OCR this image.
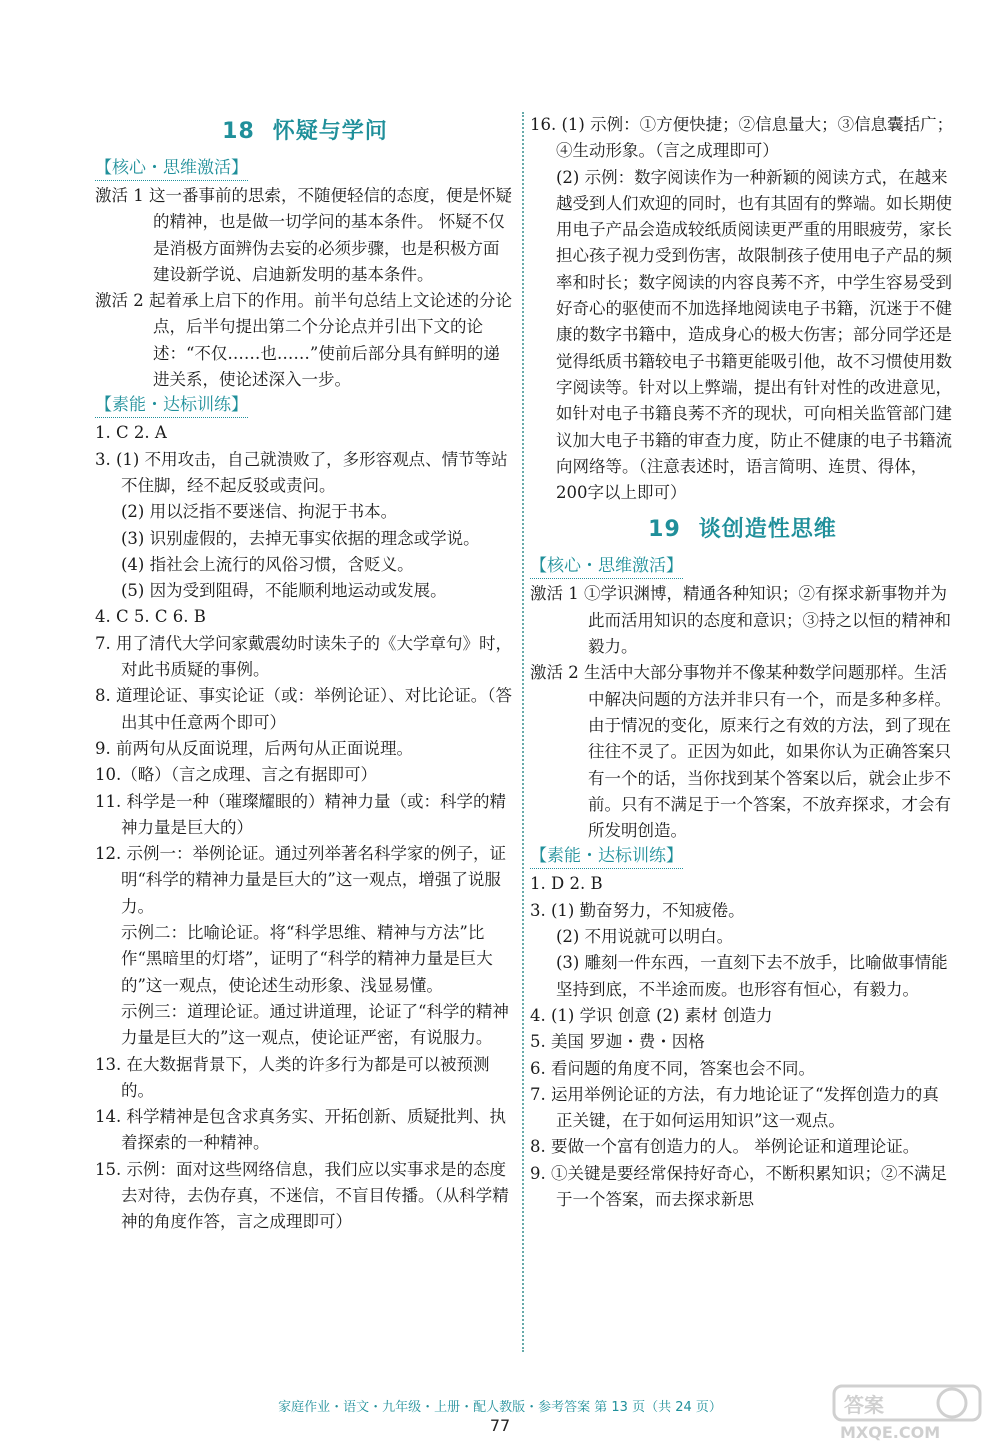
18 怀疑与学问
【核心・思维激活】
激活 1 这一番事前的思索，不随便轻信的态度，便是怀疑的精神，也是做一切学问的基本条件。 怀疑不仅是消极方面辨伪去妄的必须步骤，也是积极方面建设新学说、启迪新发明的基本条件。
激活 2 起着承上启下的作用。前半句总结上文论述的分论点，后半句提出第二个分论点并引出下文的论述：“不仅……也……”使前后部分具有鲜明的递进关系，使论述深入一步。
【素能・达标训练】
1. C 2. A
3. (1) 不用攻击，自己就溃败了，多形容观点、情节等站不住脚，经不起反驳或责问。
(2) 用以泛指不要迷信、拘泥于书本。
(3) 识别虚假的，去掉无事实依据的理念或学说。
(4) 指社会上流行的风俗习惯，含贬义。
(5) 因为受到阻碍，不能顺利地运动或发展。
4. C 5. C 6. B
7. 用了清代大学问家戴震幼时读朱子的《大学章句》时，对此书质疑的事例。
8. 道理论证、事实论证（或：举例论证）、对比论证。（答出其中任意两个即可）
9. 前两句从反面说理，后两句从正面说理。
10.（略）（言之成理、言之有据即可）
11. 科学是一种（璀璨耀眼的）精神力量（或：科学的精神力量是巨大的）
12. 示例一：举例论证。通过列举著名科学家的例子，证明“科学的精神力量是巨大的”这一观点，增强了说服力。
示例二：比喻论证。将“科学思维、精神与方法”比作“黑暗里的灯塔”，证明了“科学的精神力量是巨大的”这一观点，使论述生动形象、浅显易懂。
示例三：道理论证。通过讲道理，论证了“科学的精神力量是巨大的”这一观点，使论证严密，有说服力。
13. 在大数据背景下，人类的许多行为都是可以被预测的。
14. 科学精神是包含求真务实、开拓创新、质疑批判、执着探索的一种精神。
15. 示例：面对这些网络信息，我们应以实事求是的态度去对待，去伪存真，不迷信，不盲目传播。（从科学精神的角度作答，言之成理即可）
16. (1) 示例：①方便快捷；②信息量大；③信息囊括广；④生动形象。（言之成理即可）
(2) 示例：数字阅读作为一种新颖的阅读方式，在越来越受到人们欢迎的同时，也有其固有的弊端。如长期使用电子产品会造成较纸质阅读更严重的用眼疲劳，家长担心孩子视力受到伤害，故限制孩子使用电子产品的频率和时长；数字阅读的内容良莠不齐，中学生容易受到好奇心的驱使而不加选择地阅读电子书籍，沉迷于不健康的数字书籍中，造成身心的极大伤害；部分同学还是觉得纸质书籍较电子书籍更能吸引他，故不习惯使用数字阅读等。针对以上弊端，提出有针对性的改进意见，如针对电子书籍良莠不齐的现状，可向相关监管部门建议加大电子书籍的审查力度，防止不健康的电子书籍流向网络等。（注意表述时，语言简明、连贯、得体，200字以上即可）
19 谈创造性思维
【核心・思维激活】
激活 1 ①学识渊博，精通各种知识；②有探求新事物并为此而活用知识的态度和意识；③持之以恒的精神和毅力。
激活 2 生活中大部分事物并不像某种数学问题那样。生活中解决问题的方法并非只有一个，而是多种多样。由于情况的变化，原来行之有效的方法，到了现在往往不灵了。正因为如此，如果你认为正确答案只有一个的话，当你找到某个答案以后，就会止步不前。只有不满足于一个答案，不放弃探求，才会有所发明创造。
【素能・达标训练】
1. D 2. B
3. (1) 勤奋努力，不知疲倦。
(2) 不用说就可以明白。
(3) 雕刻一件东西，一直刻下去不放手，比喻做事情能坚持到底，不半途而废。也形容有恒心，有毅力。
4. (1) 学识 创意 (2) 素材 创造力
5. 美国 罗迦・费・因格
6. 看问题的角度不同，答案也会不同。
7. 运用举例论证的方法，有力地论证了“发挥创造力的真正关键，在于如何运用知识”这一观点。
8. 要做一个富有创造力的人。 举例论证和道理论证。
9. ①关键是要经常保持好奇心，不断积累知识；②不满足于一个答案，而去探求新思
家庭作业・语文・九年级・上册・配人教版・参考答案 第 13 页（共 24 页）
77
答案
MXQE.COM
